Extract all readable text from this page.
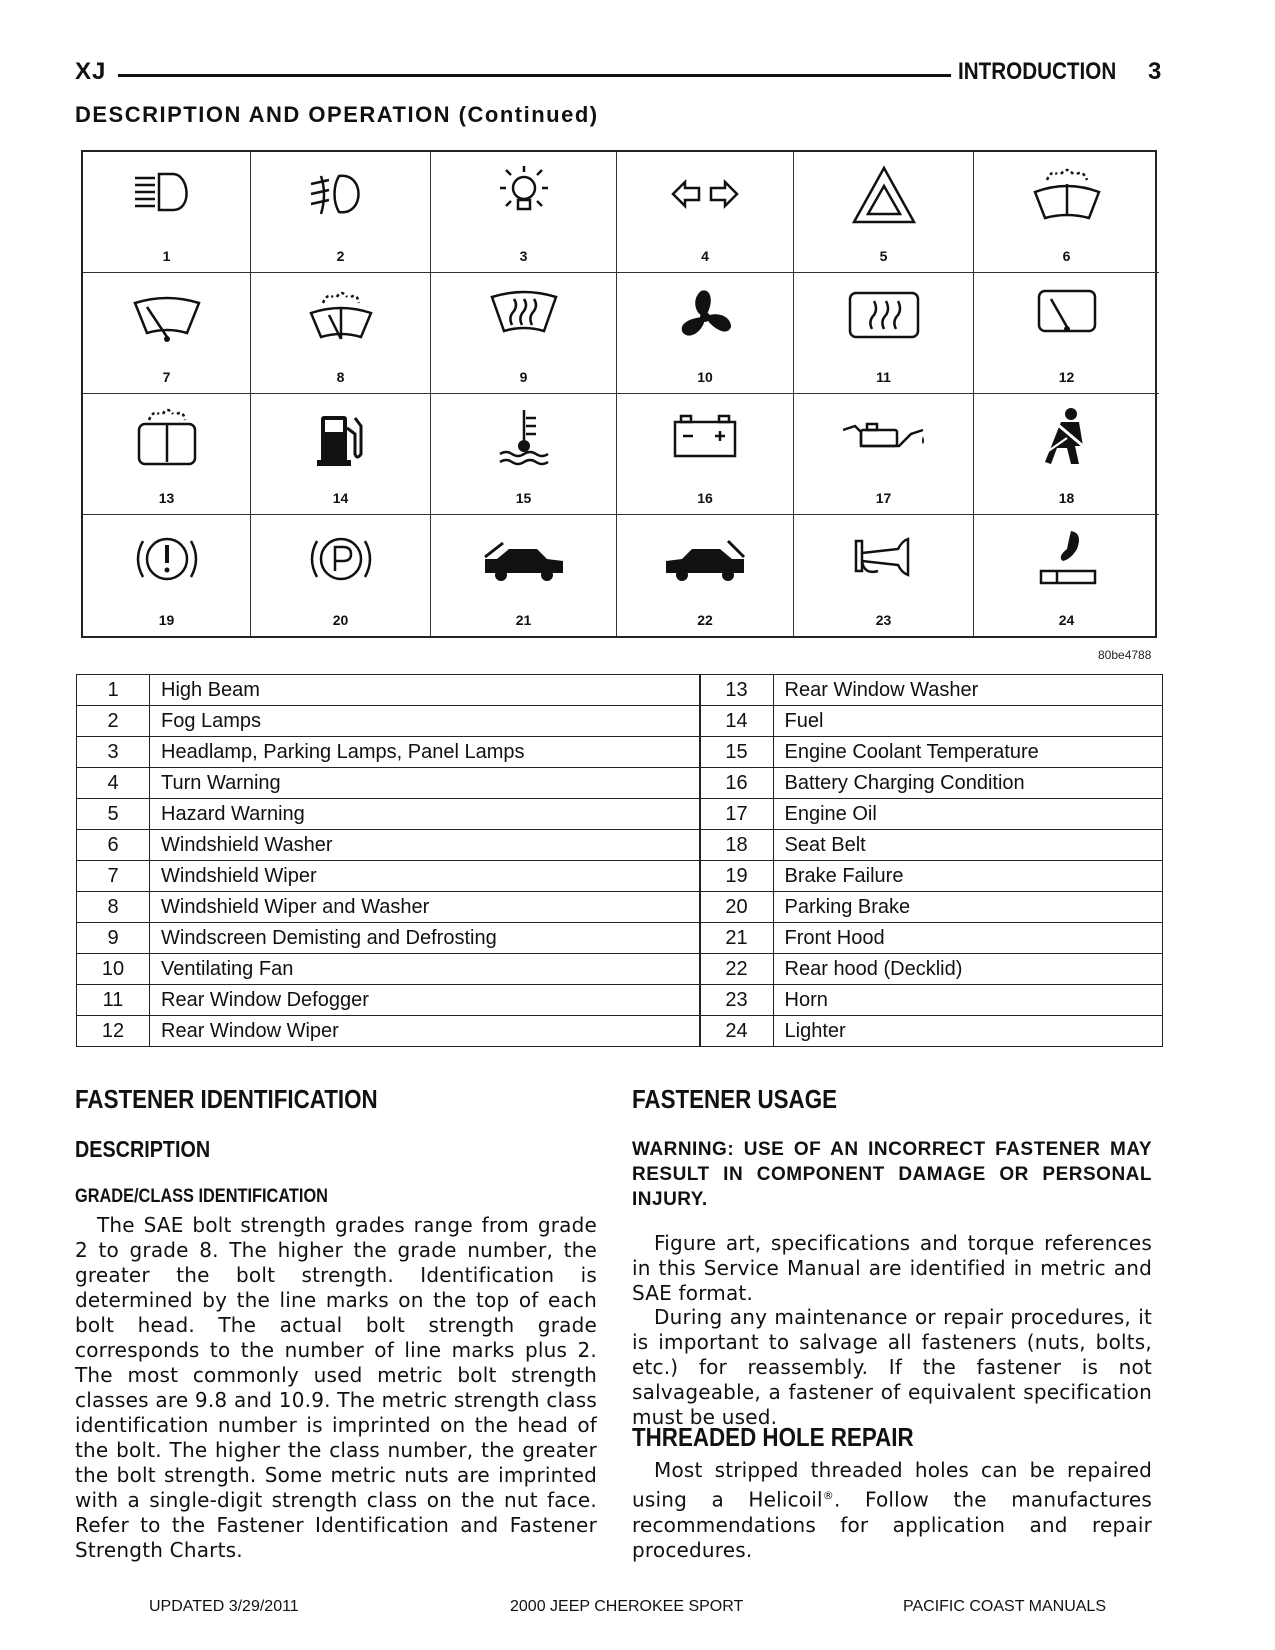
XJ	INTRODUCTION 3
DESCRIPTION AND OPERATION (Continued)
1	2	3	4	5	6
7	8	9	10	11	12
13	14	15	16	17	18
19	20	21	22	23	24
80be4788
1	High Beam	13	Rear Window Washer
2	Fog Lamps	14	Fuel
3	Headlamp, Parking Lamps, Panel Lamps	15	Engine Coolant Temperature
4	Turn Warning	16	Battery Charging Condition
5	Hazard Warning	17	Engine Oil
6	Windshield Washer	18	Seat Belt
7	Windshield Wiper	19	Brake Failure
8	Windshield Wiper and Washer	20	Parking Brake
9	Windscreen Demisting and Defrosting	21	Front Hood
10	Ventilating Fan	22	Rear hood (Decklid)
11	Rear Window Defogger	23	Horn
12	Rear Window Wiper	24	Lighter
FASTENER IDENTIFICATION
DESCRIPTION
GRADE/CLASS IDENTIFICATION

The SAE bolt strength grades range from grade 2 to grade 8. The higher the grade number, the greater the bolt strength. Identification is determined by the line marks on the top of each bolt head. The actual bolt strength grade corresponds to the number of line marks plus 2. The most commonly used metric bolt strength classes are 9.8 and 10.9. The metric strength class identification number is imprinted on the head of the bolt. The higher the class number, the greater the bolt strength. Some metric nuts are imprinted with a single-digit strength class on the nut face. Refer to the Fastener Identification and Fastener Strength Charts.

FASTENER USAGE
WARNING: USE OF AN INCORRECT FASTENER MAY RESULT IN COMPONENT DAMAGE OR PERSONAL INJURY.

Figure art, specifications and torque references in this Service Manual are identified in metric and SAE format.

During any maintenance or repair procedures, it is important to salvage all fasteners (nuts, bolts, etc.) for reassembly. If the fastener is not salvageable, a fastener of equivalent specification must be used.

THREADED HOLE REPAIR

Most stripped threaded holes can be repaired using a Helicoil®. Follow the manufactures recommendations for application and repair procedures.

UPDATED 3/29/2011	2000 JEEP CHEROKEE SPORT	PACIFIC COAST MANUALS
